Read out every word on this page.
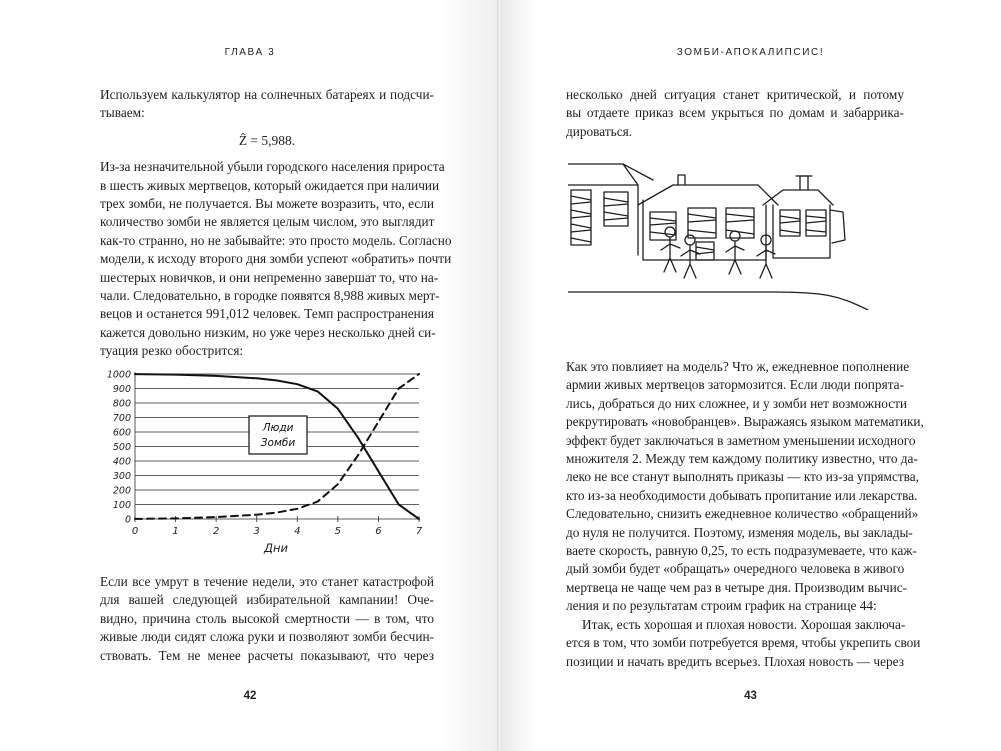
ГЛАВА 3

Используем калькулятор на солнечных батареях и подсчи-
тываем:

Ẑ = 5,988.

Из-за незначительной убыли городского населения прироста
в шесть живых мертвецов, который ожидается при наличии
трех зомби, не получается. Вы можете возразить, что, если
количество зомби не является целым числом, это выглядит
как-то странно, но не забывайте: это просто модель. Согласно
модели, к исходу второго дня зомби успеют «обратить» почти
шестерых новичков, и они непременно завершат то, что на-
чали. Следовательно, в городке появятся 8,988 живых мерт-
вецов и останется 991,012 человек. Темп распространения
кажется довольно низким, но уже через несколько дней си-
туация резко обострится:

0
100
200
300
400
500
600
700
800
900
1000
0	1	2	3	4	5	6	7
Люди
Зомби
Дни

Если все умрут в течение недели, это станет катастрофой
для вашей следующей избирательной кампании! Оче-
видно, причина столь высокой смертности — в том, что
живые люди сидят сложа руки и позволяют зомби бесчин-
ствовать. Тем не менее расчеты показывают, что через

42
ЗОМБИ-АПОКАЛИПСИС!

несколько дней ситуация станет критической, и потому
вы отдаете приказ всем укрыться по домам и забаррика-
дироваться.

Как это повлияет на модель? Что ж, ежедневное пополнение
армии живых мертвецов затормозится. Если люди попрята-
лись, добраться до них сложнее, и у зомби нет возможности
рекрутировать «новобранцев». Выражаясь языком математики,
эффект будет заключаться в заметном уменьшении исходного
множителя 2. Между тем каждому политику известно, что да-
леко не все станут выполнять приказы — кто из-за упрямства,
кто из-за необходимости добывать пропитание или лекарства.
Следовательно, снизить ежедневное количество «обращений»
до нуля не получится. Поэтому, изменяя модель, вы заклады-
ваете скорость, равную 0,25, то есть подразумеваете, что каж-
дый зомби будет «обращать» очередного человека в живого
мертвеца не чаще чем раз в четыре дня. Производим вычис-
ления и по результатам строим график на странице 44:

Итак, есть хорошая и плохая новости. Хорошая заключа-
ется в том, что зомби потребуется время, чтобы укрепить свои
позиции и начать вредить всерьез. Плохая новость — через

43
